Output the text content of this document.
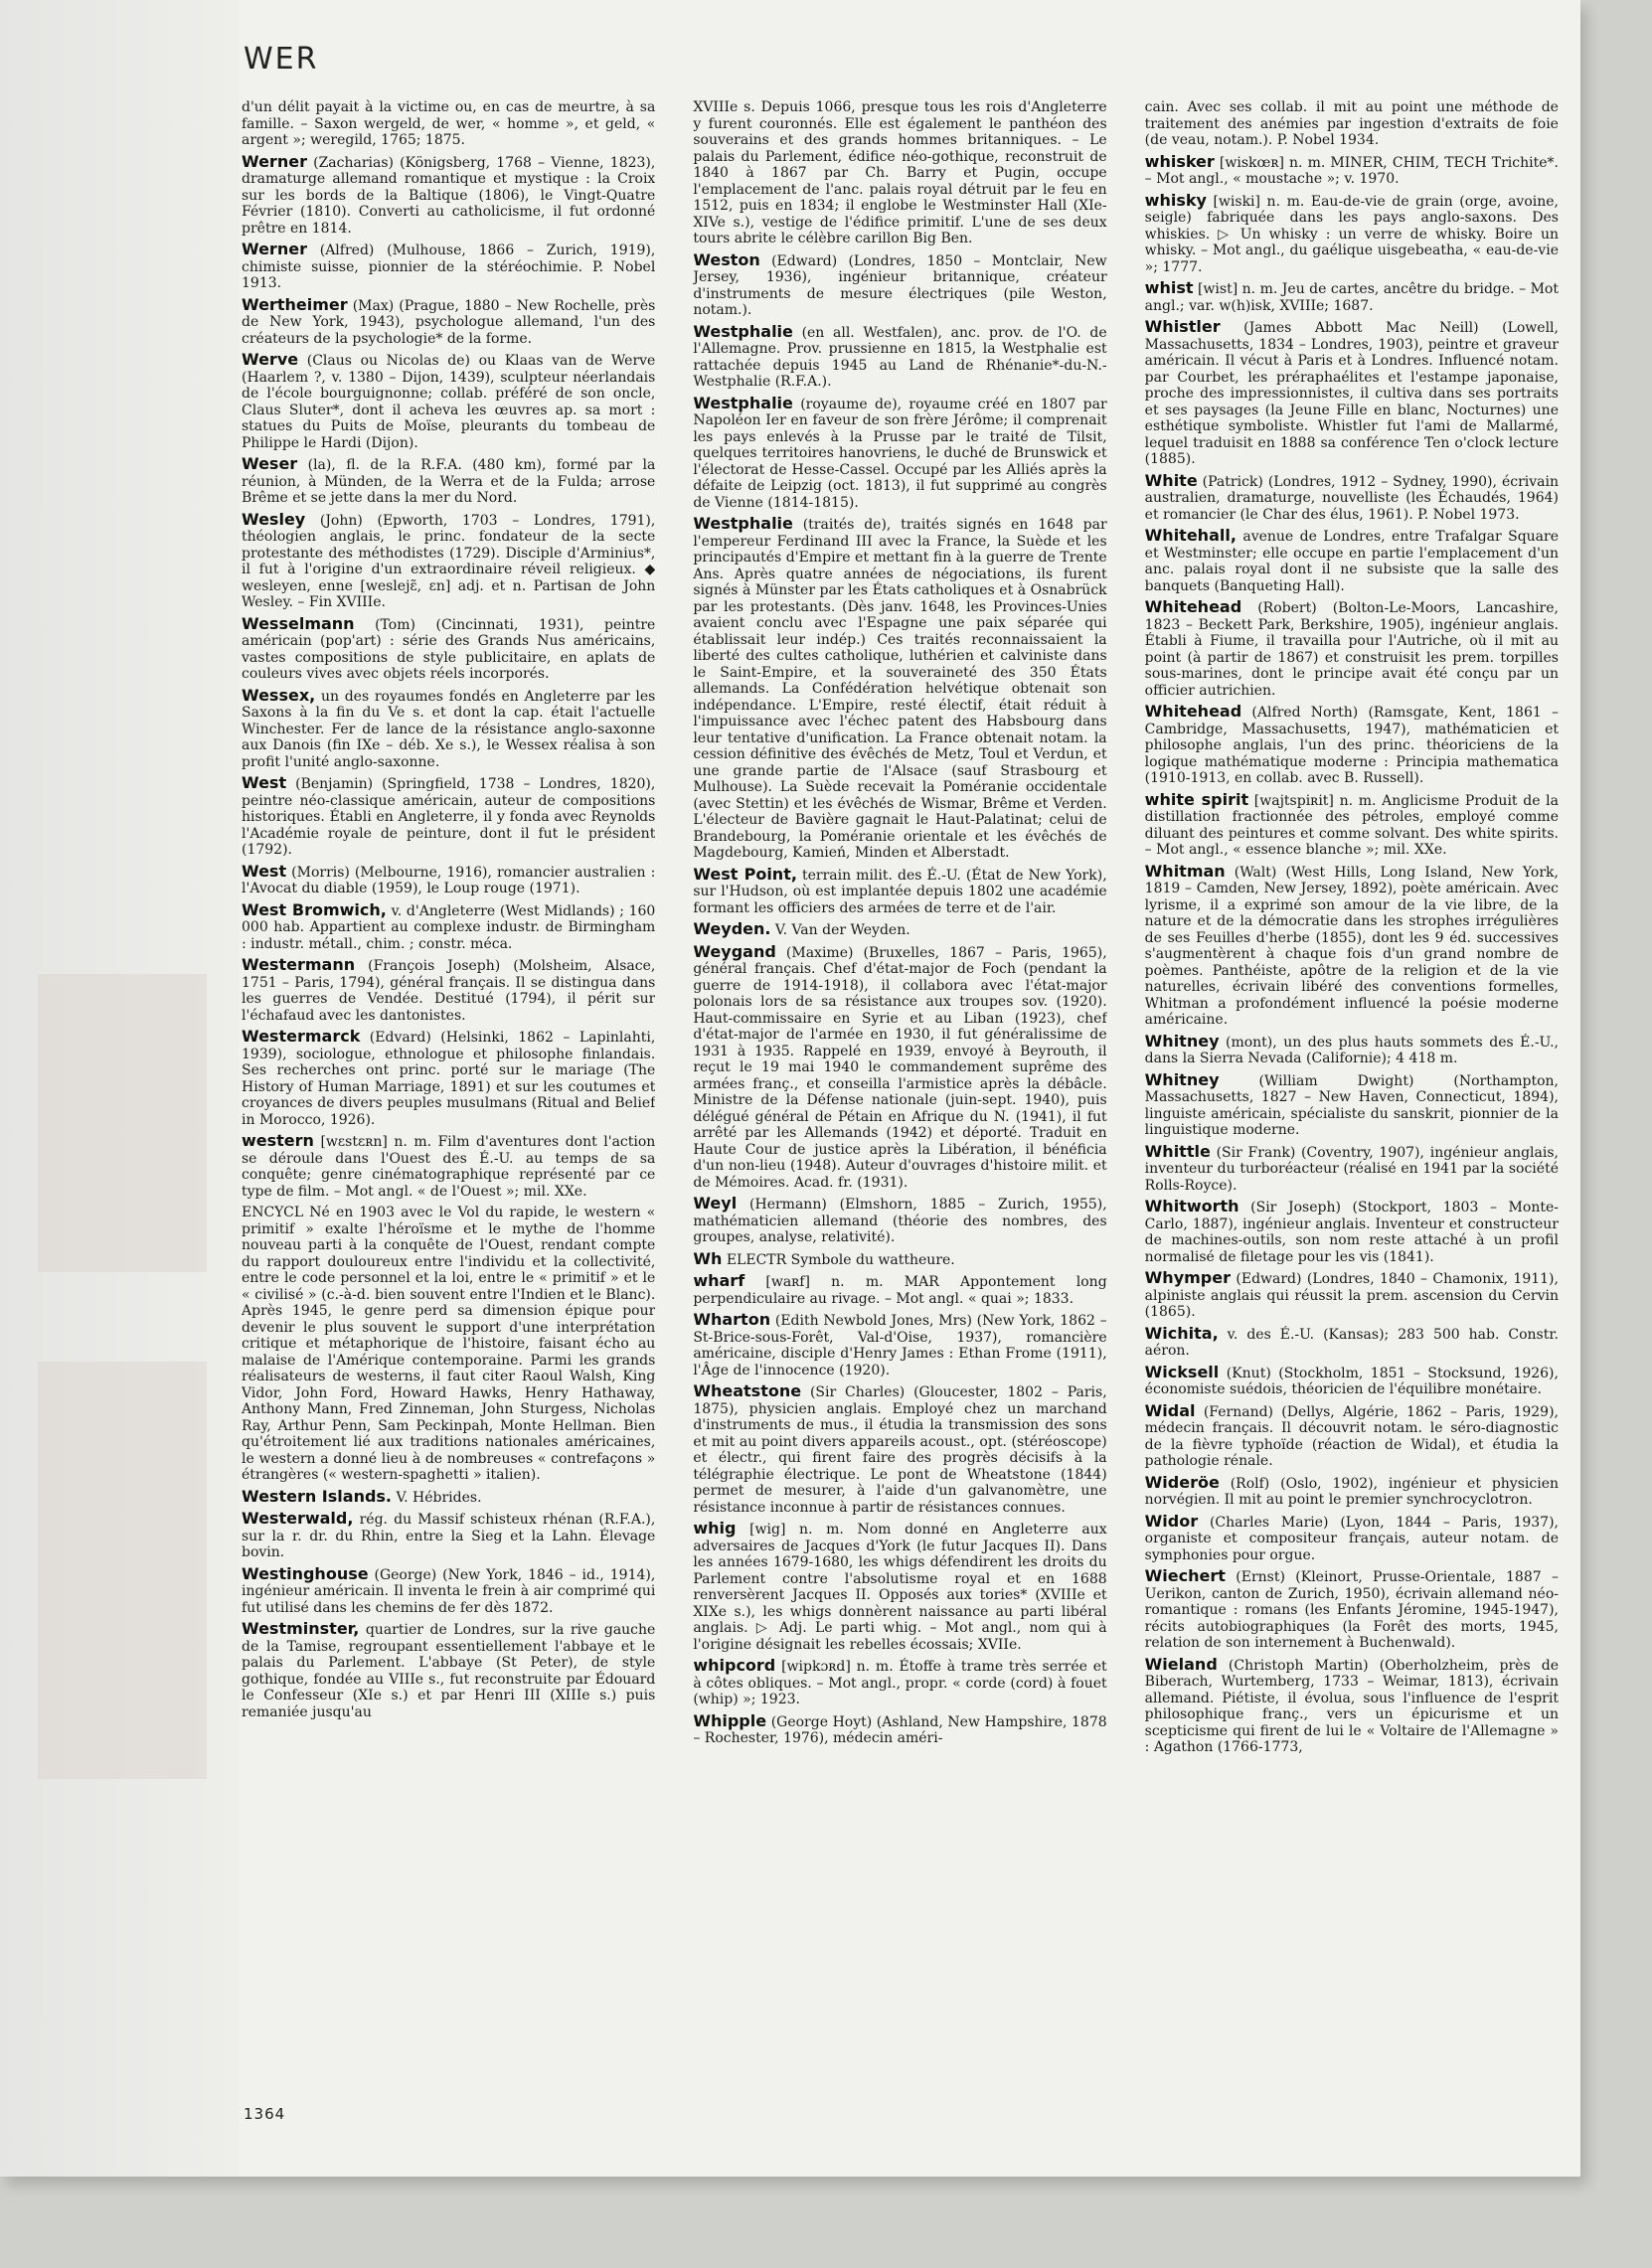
WER

d'un délit payait à la victime ou, en cas de meurtre, à sa famille. – Saxon wergeld, de wer, « homme », et geld, « argent »; weregild, 1765; 1875.

Werner (Zacharias) (Königsberg, 1768 – Vienne, 1823), dramaturge allemand romantique et mystique : la Croix sur les bords de la Baltique (1806), le Vingt-Quatre Février (1810). Converti au catholicisme, il fut ordonné prêtre en 1814.

Werner (Alfred) (Mulhouse, 1866 – Zurich, 1919), chimiste suisse, pionnier de la stéréochimie. P. Nobel 1913.

Wertheimer (Max) (Prague, 1880 – New Rochelle, près de New York, 1943), psychologue allemand, l'un des créateurs de la psychologie* de la forme.

Werve (Claus ou Nicolas de) ou Klaas van de Werve (Haarlem ?, v. 1380 – Dijon, 1439), sculpteur néerlandais de l'école bourguignonne; collab. préféré de son oncle, Claus Sluter*, dont il acheva les œuvres ap. sa mort : statues du Puits de Moïse, pleurants du tombeau de Philippe le Hardi (Dijon).

Weser (la), fl. de la R.F.A. (480 km), formé par la réunion, à Münden, de la Werra et de la Fulda; arrose Brême et se jette dans la mer du Nord.

Wesley (John) (Epworth, 1703 – Londres, 1791), théologien anglais, le princ. fondateur de la secte protestante des méthodistes (1729). Disciple d'Arminius*, il fut à l'origine d'un extraordinaire réveil religieux. ◆ wesleyen, enne [weslejɛ̃, ɛn] adj. et n. Partisan de John Wesley. – Fin XVIIIe.

Wesselmann (Tom) (Cincinnati, 1931), peintre américain (pop'art) : série des Grands Nus américains, vastes compositions de style publicitaire, en aplats de couleurs vives avec objets réels incorporés.

Wessex, un des royaumes fondés en Angleterre par les Saxons à la fin du Ve s. et dont la cap. était l'actuelle Winchester. Fer de lance de la résistance anglo-saxonne aux Danois (fin IXe – déb. Xe s.), le Wessex réalisa à son profit l'unité anglo-saxonne.

West (Benjamin) (Springfield, 1738 – Londres, 1820), peintre néo-classique américain, auteur de compositions historiques. Établi en Angleterre, il y fonda avec Reynolds l'Académie royale de peinture, dont il fut le président (1792).

West (Morris) (Melbourne, 1916), romancier australien : l'Avocat du diable (1959), le Loup rouge (1971).

West Bromwich, v. d'Angleterre (West Midlands) ; 160 000 hab. Appartient au complexe industr. de Birmingham : industr. métall., chim. ; constr. méca.

Westermann (François Joseph) (Molsheim, Alsace, 1751 – Paris, 1794), général français. Il se distingua dans les guerres de Vendée. Destitué (1794), il périt sur l'échafaud avec les dantonistes.

Westermarck (Edvard) (Helsinki, 1862 – Lapinlahti, 1939), sociologue, ethnologue et philosophe finlandais. Ses recherches ont princ. porté sur le mariage (The History of Human Marriage, 1891) et sur les coutumes et croyances de divers peuples musulmans (Ritual and Belief in Morocco, 1926).

western [wɛstɛʀn] n. m. Film d'aventures dont l'action se déroule dans l'Ouest des É.-U. au temps de sa conquête; genre cinématographique représenté par ce type de film. – Mot angl. « de l'Ouest »; mil. XXe.

ENCYCL Né en 1903 avec le Vol du rapide, le western « primitif » exalte l'héroïsme et le mythe de l'homme nouveau parti à la conquête de l'Ouest, rendant compte du rapport douloureux entre l'individu et la collectivité, entre le code personnel et la loi, entre le « primitif » et le « civilisé » (c.-à-d. bien souvent entre l'Indien et le Blanc). Après 1945, le genre perd sa dimension épique pour devenir le plus souvent le support d'une interprétation critique et métaphorique de l'histoire, faisant écho au malaise de l'Amérique contemporaine. Parmi les grands réalisateurs de westerns, il faut citer Raoul Walsh, King Vidor, John Ford, Howard Hawks, Henry Hathaway, Anthony Mann, Fred Zinneman, John Sturgess, Nicholas Ray, Arthur Penn, Sam Peckinpah, Monte Hellman. Bien qu'étroitement lié aux traditions nationales américaines, le western a donné lieu à de nombreuses « contrefaçons » étrangères (« western-spaghetti » italien).

Western Islands. V. Hébrides.

Westerwald, rég. du Massif schisteux rhénan (R.F.A.), sur la r. dr. du Rhin, entre la Sieg et la Lahn. Élevage bovin.

Westinghouse (George) (New York, 1846 – id., 1914), ingénieur américain. Il inventa le frein à air comprimé qui fut utilisé dans les chemins de fer dès 1872.

Westminster, quartier de Londres, sur la rive gauche de la Tamise, regroupant essentiellement l'abbaye et le palais du Parlement. L'abbaye (St Peter), de style gothique, fondée au VIIIe s., fut reconstruite par Édouard le Confesseur (XIe s.) et par Henri III (XIIIe s.) puis remaniée jusqu'au

XVIIIe s. Depuis 1066, presque tous les rois d'Angleterre y furent couronnés. Elle est également le panthéon des souverains et des grands hommes britanniques. – Le palais du Parlement, édifice néo-gothique, reconstruit de 1840 à 1867 par Ch. Barry et Pugin, occupe l'emplacement de l'anc. palais royal détruit par le feu en 1512, puis en 1834; il englobe le Westminster Hall (XIe-XIVe s.), vestige de l'édifice primitif. L'une de ses deux tours abrite le célèbre carillon Big Ben.

Weston (Edward) (Londres, 1850 – Montclair, New Jersey, 1936), ingénieur britannique, créateur d'instruments de mesure électriques (pile Weston, notam.).

Westphalie (en all. Westfalen), anc. prov. de l'O. de l'Allemagne. Prov. prussienne en 1815, la Westphalie est rattachée depuis 1945 au Land de Rhénanie*-du-N.-Westphalie (R.F.A.).

Westphalie (royaume de), royaume créé en 1807 par Napoléon Ier en faveur de son frère Jérôme; il comprenait les pays enlevés à la Prusse par le traité de Tilsit, quelques territoires hanovriens, le duché de Brunswick et l'électorat de Hesse-Cassel. Occupé par les Alliés après la défaite de Leipzig (oct. 1813), il fut supprimé au congrès de Vienne (1814-1815).

Westphalie (traités de), traités signés en 1648 par l'empereur Ferdinand III avec la France, la Suède et les principautés d'Empire et mettant fin à la guerre de Trente Ans. Après quatre années de négociations, ils furent signés à Münster par les États catholiques et à Osnabrück par les protestants. (Dès janv. 1648, les Provinces-Unies avaient conclu avec l'Espagne une paix séparée qui établissait leur indép.) Ces traités reconnaissaient la liberté des cultes catholique, luthérien et calviniste dans le Saint-Empire, et la souveraineté des 350 États allemands. La Confédération helvétique obtenait son indépendance. L'Empire, resté électif, était réduit à l'impuissance avec l'échec patent des Habsbourg dans leur tentative d'unification. La France obtenait notam. la cession définitive des évêchés de Metz, Toul et Verdun, et une grande partie de l'Alsace (sauf Strasbourg et Mulhouse). La Suède recevait la Poméranie occidentale (avec Stettin) et les évêchés de Wismar, Brême et Verden. L'électeur de Bavière gagnait le Haut-Palatinat; celui de Brandebourg, la Poméranie orientale et les évêchés de Magdebourg, Kamień, Minden et Alberstadt.

West Point, terrain milit. des É.-U. (État de New York), sur l'Hudson, où est implantée depuis 1802 une académie formant les officiers des armées de terre et de l'air.

Weyden. V. Van der Weyden.

Weygand (Maxime) (Bruxelles, 1867 – Paris, 1965), général français. Chef d'état-major de Foch (pendant la guerre de 1914-1918), il collabora avec l'état-major polonais lors de sa résistance aux troupes sov. (1920). Haut-commissaire en Syrie et au Liban (1923), chef d'état-major de l'armée en 1930, il fut généralissime de 1931 à 1935. Rappelé en 1939, envoyé à Beyrouth, il reçut le 19 mai 1940 le commandement suprême des armées franç., et conseilla l'armistice après la débâcle. Ministre de la Défense nationale (juin-sept. 1940), puis délégué général de Pétain en Afrique du N. (1941), il fut arrêté par les Allemands (1942) et déporté. Traduit en Haute Cour de justice après la Libération, il bénéficia d'un non-lieu (1948). Auteur d'ouvrages d'histoire milit. et de Mémoires. Acad. fr. (1931).

Weyl (Hermann) (Elmshorn, 1885 – Zurich, 1955), mathématicien allemand (théorie des nombres, des groupes, analyse, relativité).

Wh ELECTR Symbole du wattheure.

wharf [waʀf] n. m. MAR Appontement long perpendiculaire au rivage. – Mot angl. « quai »; 1833.

Wharton (Edith Newbold Jones, Mrs) (New York, 1862 – St-Brice-sous-Forêt, Val-d'Oise, 1937), romancière américaine, disciple d'Henry James : Ethan Frome (1911), l'Âge de l'innocence (1920).

Wheatstone (Sir Charles) (Gloucester, 1802 – Paris, 1875), physicien anglais. Employé chez un marchand d'instruments de mus., il étudia la transmission des sons et mit au point divers appareils acoust., opt. (stéréoscope) et électr., qui firent faire des progrès décisifs à la télégraphie électrique. Le pont de Wheatstone (1844) permet de mesurer, à l'aide d'un galvanomètre, une résistance inconnue à partir de résistances connues.

whig [wig] n. m. Nom donné en Angleterre aux adversaires de Jacques d'York (le futur Jacques II). Dans les années 1679-1680, les whigs défendirent les droits du Parlement contre l'absolutisme royal et en 1688 renversèrent Jacques II. Opposés aux tories* (XVIIIe et XIXe s.), les whigs donnèrent naissance au parti libéral anglais. ▷ Adj. Le parti whig. – Mot angl., nom qui à l'origine désignait les rebelles écossais; XVIIe.

whipcord [wipkɔʀd] n. m. Étoffe à trame très serrée et à côtes obliques. – Mot angl., propr. « corde (cord) à fouet (whip) »; 1923.

Whipple (George Hoyt) (Ashland, New Hampshire, 1878 – Rochester, 1976), médecin améri-

cain. Avec ses collab. il mit au point une méthode de traitement des anémies par ingestion d'extraits de foie (de veau, notam.). P. Nobel 1934.

whisker [wiskœʀ] n. m. MINER, CHIM, TECH Trichite*. – Mot angl., « moustache »; v. 1970.

whisky [wiski] n. m. Eau-de-vie de grain (orge, avoine, seigle) fabriquée dans les pays anglo-saxons. Des whiskies. ▷ Un whisky : un verre de whisky. Boire un whisky. – Mot angl., du gaélique uisgebeatha, « eau-de-vie »; 1777.

whist [wist] n. m. Jeu de cartes, ancêtre du bridge. – Mot angl.; var. w(h)isk, XVIIIe; 1687.

Whistler (James Abbott Mac Neill) (Lowell, Massachusetts, 1834 – Londres, 1903), peintre et graveur américain. Il vécut à Paris et à Londres. Influencé notam. par Courbet, les préraphaélites et l'estampe japonaise, proche des impressionnistes, il cultiva dans ses portraits et ses paysages (la Jeune Fille en blanc, Nocturnes) une esthétique symboliste. Whistler fut l'ami de Mallarmé, lequel traduisit en 1888 sa conférence Ten o'clock lecture (1885).

White (Patrick) (Londres, 1912 – Sydney, 1990), écrivain australien, dramaturge, nouvelliste (les Échaudés, 1964) et romancier (le Char des élus, 1961). P. Nobel 1973.

Whitehall, avenue de Londres, entre Trafalgar Square et Westminster; elle occupe en partie l'emplacement d'un anc. palais royal dont il ne subsiste que la salle des banquets (Banqueting Hall).

Whitehead (Robert) (Bolton-Le-Moors, Lancashire, 1823 – Beckett Park, Berkshire, 1905), ingénieur anglais. Établi à Fiume, il travailla pour l'Autriche, où il mit au point (à partir de 1867) et construisit les prem. torpilles sous-marines, dont le principe avait été conçu par un officier autrichien.

Whitehead (Alfred North) (Ramsgate, Kent, 1861 – Cambridge, Massachusetts, 1947), mathématicien et philosophe anglais, l'un des princ. théoriciens de la logique mathématique moderne : Principia mathematica (1910-1913, en collab. avec B. Russell).

white spirit [wajtspiʀit] n. m. Anglicisme Produit de la distillation fractionnée des pétroles, employé comme diluant des peintures et comme solvant. Des white spirits. – Mot angl., « essence blanche »; mil. XXe.

Whitman (Walt) (West Hills, Long Island, New York, 1819 – Camden, New Jersey, 1892), poète américain. Avec lyrisme, il a exprimé son amour de la vie libre, de la nature et de la démocratie dans les strophes irrégulières de ses Feuilles d'herbe (1855), dont les 9 éd. successives s'augmentèrent à chaque fois d'un grand nombre de poèmes. Panthéiste, apôtre de la religion et de la vie naturelles, écrivain libéré des conventions formelles, Whitman a profondément influencé la poésie moderne américaine.

Whitney (mont), un des plus hauts sommets des É.-U., dans la Sierra Nevada (Californie); 4 418 m.

Whitney	(William Dwight) (Northampton, Massachusetts, 1827 – New Haven, Connecticut, 1894), linguiste américain, spécialiste du sanskrit, pionnier de la linguistique moderne.

Whittle (Sir Frank) (Coventry, 1907), ingénieur anglais, inventeur du turboréacteur (réalisé en 1941 par la société Rolls-Royce).

Whitworth (Sir Joseph) (Stockport, 1803 – Monte-Carlo, 1887), ingénieur anglais. Inventeur et constructeur de machines-outils, son nom reste attaché à un profil normalisé de filetage pour les vis (1841).

Whymper (Edward) (Londres, 1840 – Chamonix, 1911), alpiniste anglais qui réussit la prem. ascension du Cervin (1865).

Wichita, v. des É.-U. (Kansas); 283 500 hab. Constr. aéron.

Wicksell (Knut) (Stockholm, 1851 – Stocksund, 1926), économiste suédois, théoricien de l'équilibre monétaire.

Widal (Fernand) (Dellys, Algérie, 1862 – Paris, 1929), médecin français. Il découvrit notam. le séro-diagnostic de la fièvre typhoïde (réaction de Widal), et étudia la pathologie rénale.

Wideröe (Rolf) (Oslo, 1902), ingénieur et physicien norvégien. Il mit au point le premier synchrocyclotron.

Widor (Charles Marie) (Lyon, 1844 – Paris, 1937), organiste et compositeur français, auteur notam. de symphonies pour orgue.

Wiechert (Ernst) (Kleinort, Prusse-Orientale, 1887 – Uerikon, canton de Zurich, 1950), écrivain allemand néo-romantique : romans (les Enfants Jéromine, 1945-1947), récits autobiographiques (la Forêt des morts, 1945, relation de son internement à Buchenwald).

Wieland (Christoph Martin) (Oberholzheim, près de Biberach, Wurtemberg, 1733 – Weimar, 1813), écrivain allemand. Piétiste, il évolua, sous l'influence de l'esprit philosophique franç., vers un épicurisme et un scepticisme qui firent de lui le « Voltaire de l'Allemagne » : Agathon (1766-1773,

1364
